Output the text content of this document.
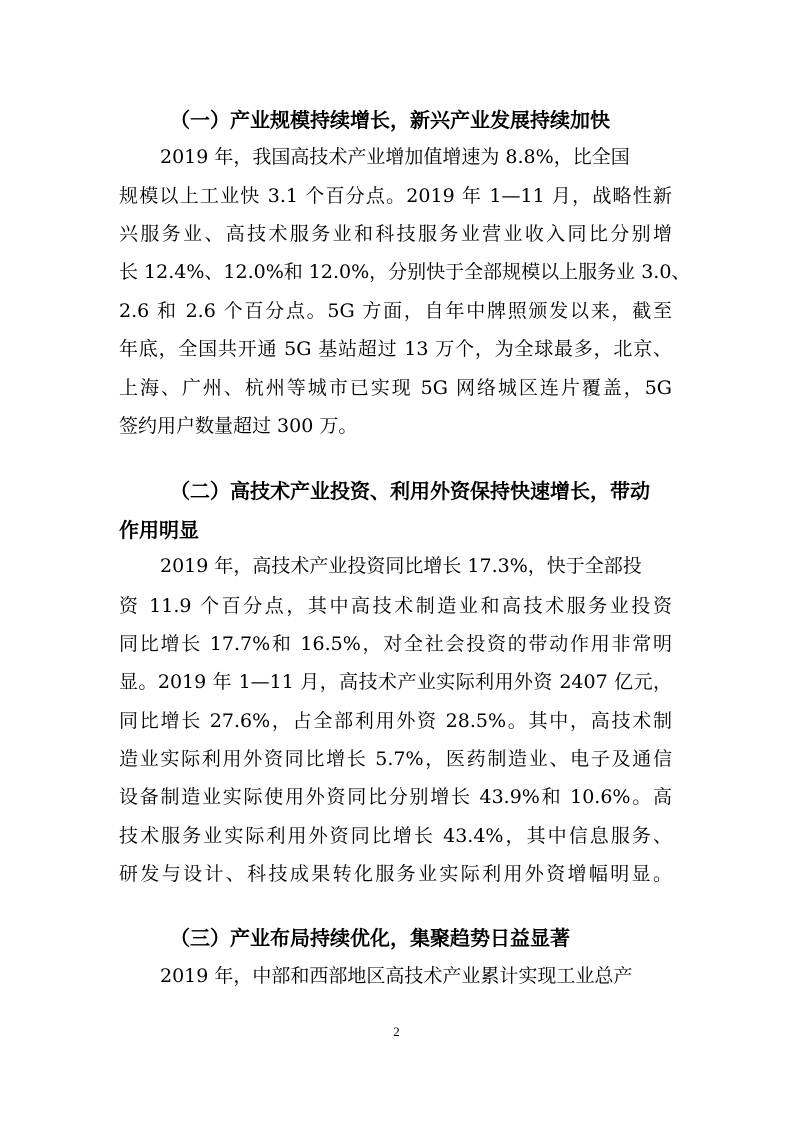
（一）产业规模持续增长，新兴产业发展持续加快
2019 年，我国高技术产业增加值增速为 8.8%，比全国
规模以上工业快 3.1 个百分点。2019 年 1—11 月，战略性新
兴服务业、高技术服务业和科技服务业营业收入同比分别增
长 12.4%、12.0%和 12.0%，分别快于全部规模以上服务业 3.0、
2.6 和 2.6 个百分点。5G 方面，自年中牌照颁发以来，截至
年底，全国共开通 5G 基站超过 13 万个，为全球最多，北京、
上海、广州、杭州等城市已实现 5G 网络城区连片覆盖，5G
签约用户数量超过 300 万。
（二）高技术产业投资、利用外资保持快速增长，带动
作用明显
2019 年，高技术产业投资同比增长 17.3%，快于全部投
资 11.9 个百分点，其中高技术制造业和高技术服务业投资
同比增长 17.7%和 16.5%，对全社会投资的带动作用非常明
显。2019 年 1—11 月，高技术产业实际利用外资 2407 亿元，
同比增长 27.6%，占全部利用外资 28.5%。其中，高技术制
造业实际利用外资同比增长 5.7%，医药制造业、电子及通信
设备制造业实际使用外资同比分别增长 43.9%和 10.6%。高
技术服务业实际利用外资同比增长 43.4%，其中信息服务、
研发与设计、科技成果转化服务业实际利用外资增幅明显。
（三）产业布局持续优化，集聚趋势日益显著
2019 年，中部和西部地区高技术产业累计实现工业总产
2
